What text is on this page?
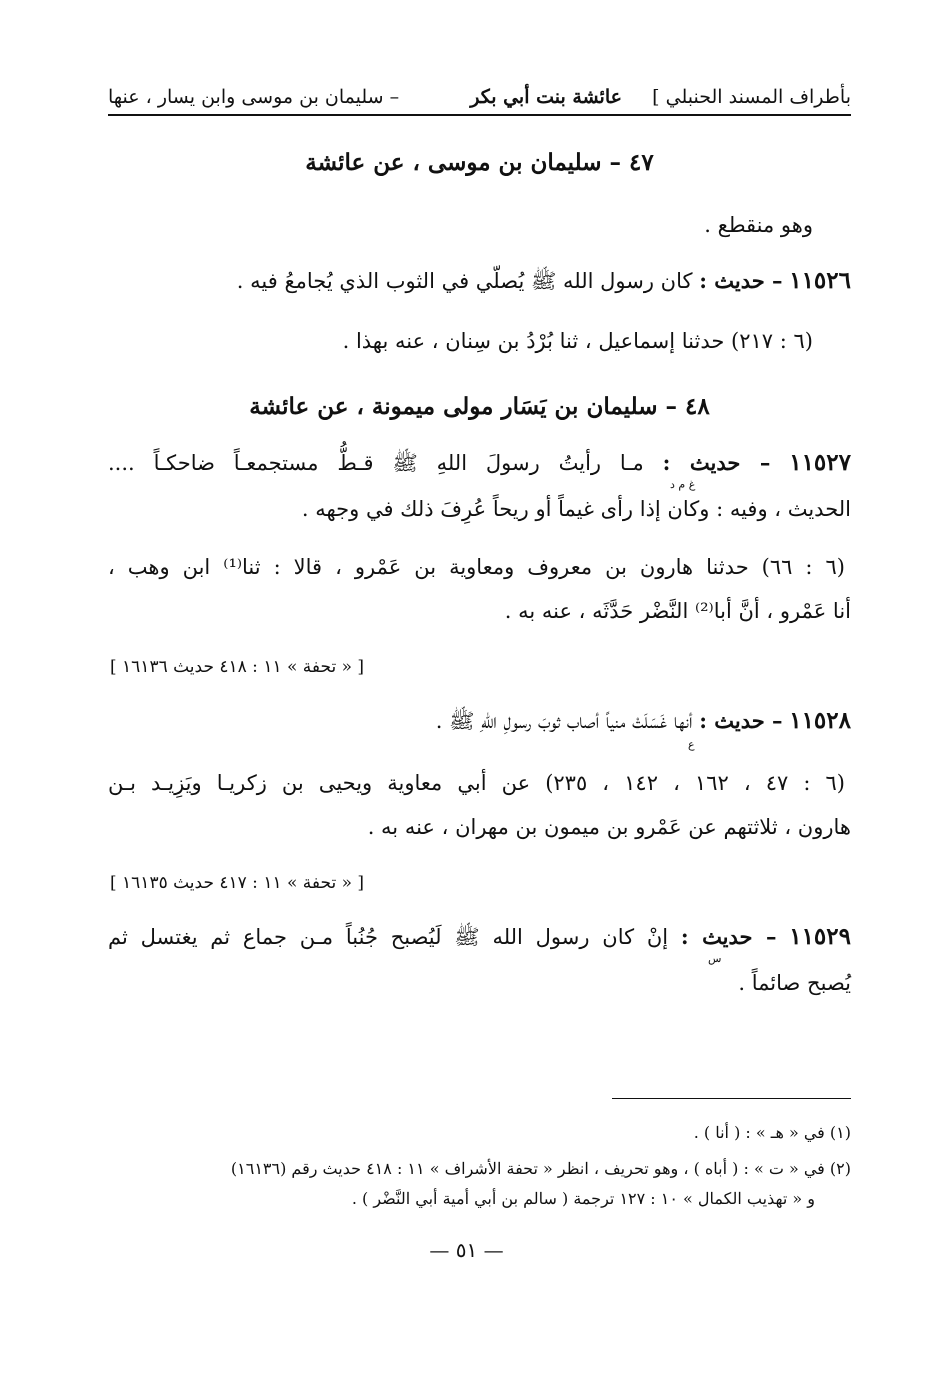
بأطراف المسند الحنبلي ]     عائشة بنت أبي بكر
– سليمان بن موسى وابن يسار ، عنها
٤٧ – سليمان بن موسى ، عن عائشة
وهو منقطع .
١١٥٢٦ – حديث : كان رسول الله ﷺ يُصلّي في الثوب الذي يُجامعُ فيه .
(٦ : ٢١٧) حدثنا إسماعيل ، ثنا بُرْدُ بن سِنان ، عنه بهذا .
٤٨ – سليمان بن يَسَار مولى ميمونة ، عن عائشة
١١٥٢٧ – حديث : مـا رأيتُ رسولَ اللهِ ﷺ قـطُّ مستجمعـاً ضاحكـاً ....
غ م د
الحديث ، وفيه : وكان إذا رأى غيماً أو ريحاً عُرِفَ ذلك في وجهه .
(٦ : ٦٦) حدثنا هارون بن معروف ومعاوية بن عَمْرو ، قالا : ثنا⁽¹⁾ ابن وهب ،
أنا عَمْرو ، أنَّ أبا⁽²⁾ النَّضْر حَدَّثَه ، عنه به .
[ « تحفة » ١١ : ٤١٨ حديث ١٦١٣٦ ]
١١٥٢٨ – حديث : أنها غَسَلَتْ منياً أصاب ثوبَ رسولِ اللهِ ﷺ .
ع
(٦ : ٤٧ ، ١٦٢ ، ١٤٢ ، ٢٣٥) عن أبي معاوية ويحيى بن زكريـا ويَزِيـد بـن
هارون ، ثلاثتهم عن عَمْرو بن ميمون بن مهران ، عنه به .
[ « تحفة » ١١ : ٤١٧ حديث ١٦١٣٥ ]
١١٥٢٩ – حديث : إنْ كان رسول الله ﷺ لَيُصبح جُنُباً مـن جماع ثم يغتسل ثم
س
يُصبح صائماً .
(١) في « هـ » : ( أنا ) .
(٢) في « ت » : ( أباه ) ، وهو تحريف ، انظر « تحفة الأشراف » ١١ : ٤١٨ حديث رقم (١٦١٣٦)
و « تهذيب الكمال » ١٠ : ١٢٧ ترجمة ( سالم بن أبي أمية أبي النَّضْر ) .
— ٥١ —
